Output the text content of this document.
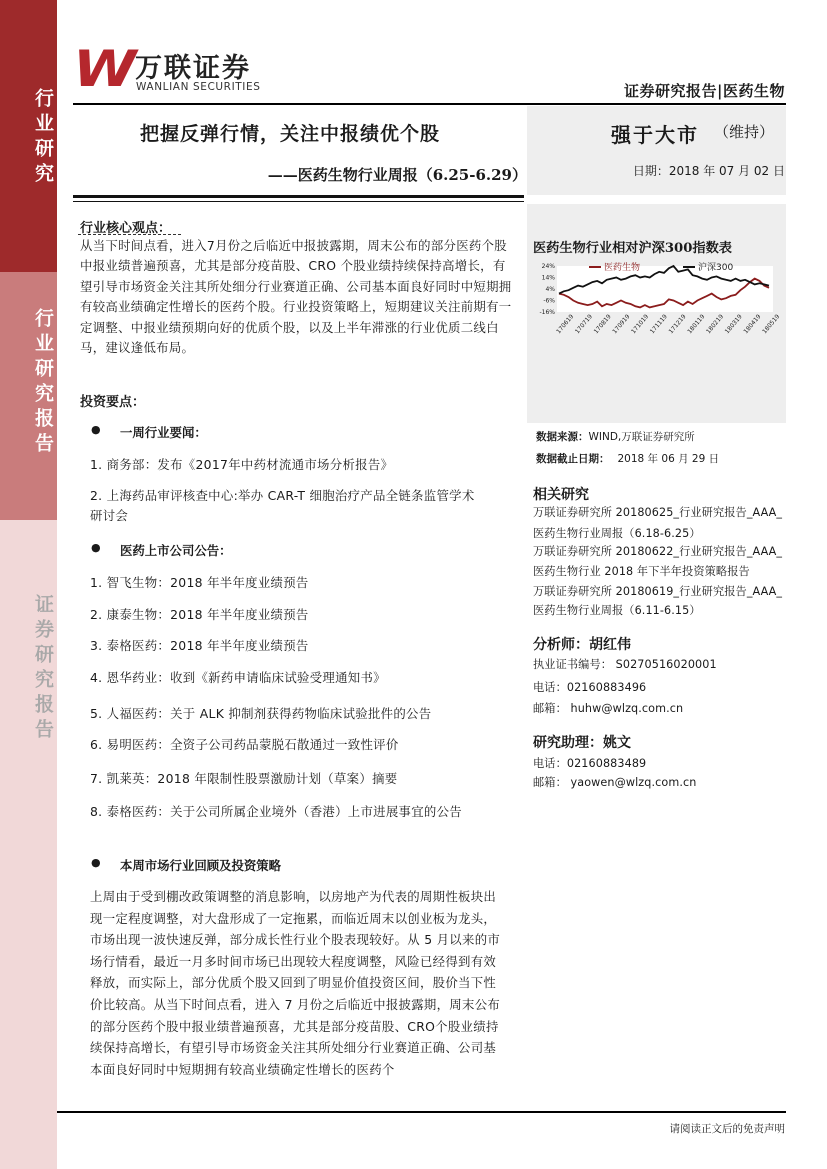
行业研究
行业研究报告
证券研究报告
W 万联证券
WANLIAN SECURITIES	证券研究报告|医药生物
把握反弹行情，关注中报绩优个股
——医药生物行业周报（6.25-6.29）
强于大市 （维持）
日期：2018 年 07 月 02 日
行业核心观点：

从当下时间点看，进入7月份之后临近中报披露期，周末公布的部分医药个股中报业绩普遍预喜，尤其是部分疫苗股、CRO 个股业绩持续保持高增长，有望引导市场资金关注其所处细分行业赛道正确、公司基本面良好同时中短期拥有较高业绩确定性增长的医药个股。行业投资策略上，短期建议关注前期有一定调整、中报业绩预期向好的优质个股，以及上半年滞涨的行业优质二线白马，建议逢低布局。

投资要点：
● 一周行业要闻：

1. 商务部：发布《2017年中药材流通市场分析报告》

2. 上海药品审评核查中心:举办 CAR-T 细胞治疗产品全链条监管学术研讨会

● 医药上市公司公告：

1. 智飞生物：2018 年半年度业绩预告

2. 康泰生物：2018 年半年度业绩预告

3. 泰格医药：2018 年半年度业绩预告

4. 恩华药业：收到《新药申请临床试验受理通知书》

5. 人福医药：关于 ALK 抑制剂获得药物临床试验批件的公告

6. 易明医药：全资子公司药品蒙脱石散通过一致性评价

7. 凯莱英：2018 年限制性股票激励计划（草案）摘要

8. 泰格医药：关于公司所属企业境外（香港）上市进展事宜的公告

● 本周市场行业回顾及投资策略

上周由于受到棚改政策调整的消息影响，以房地产为代表的周期性板块出现一定程度调整，对大盘形成了一定拖累，而临近周末以创业板为龙头，市场出现一波快速反弹，部分成长性行业个股表现较好。从 5 月以来的市场行情看，最近一月多时间市场已出现较大程度调整，风险已经得到有效释放，而实际上，部分优质个股又回到了明显价值投资区间，股价当下性价比较高。从当下时间点看，进入 7 月份之后临近中报披露期，周末公布的部分医药个股中报业绩普遍预喜，尤其是部分疫苗股、CRO个股业绩持续保持高增长，有望引导市场资金关注其所处细分行业赛道正确、公司基本面良好同时中短期拥有较高业绩确定性增长的医药个

医药生物行业相对沪深300指数表
24%
14%
4%
-6%
-16%
170619
170719
170819
170919
171019
171119
171219
180119
180219
180319
180419
180519
医药生物	沪深300
数据来源：WIND,万联证券研究所
数据截止日期： 2018 年 06 月 29 日
相关研究

万联证券研究所 20180625_行业研究报告_AAA_

医药生物行业周报（6.18-6.25）

万联证券研究所 20180622_行业研究报告_AAA_

医药生物行业 2018 年下半年投资策略报告

万联证券研究所 20180619_行业研究报告_AAA_

医药生物行业周报（6.11-6.15）

分析师：胡红伟

执业证书编号： S0270516020001

电话：02160883496

邮箱： huhw@wlzq.com.cn

研究助理：姚文

电话：02160883489

邮箱： yaowen@wlzq.com.cn

请阅读正文后的免责声明
